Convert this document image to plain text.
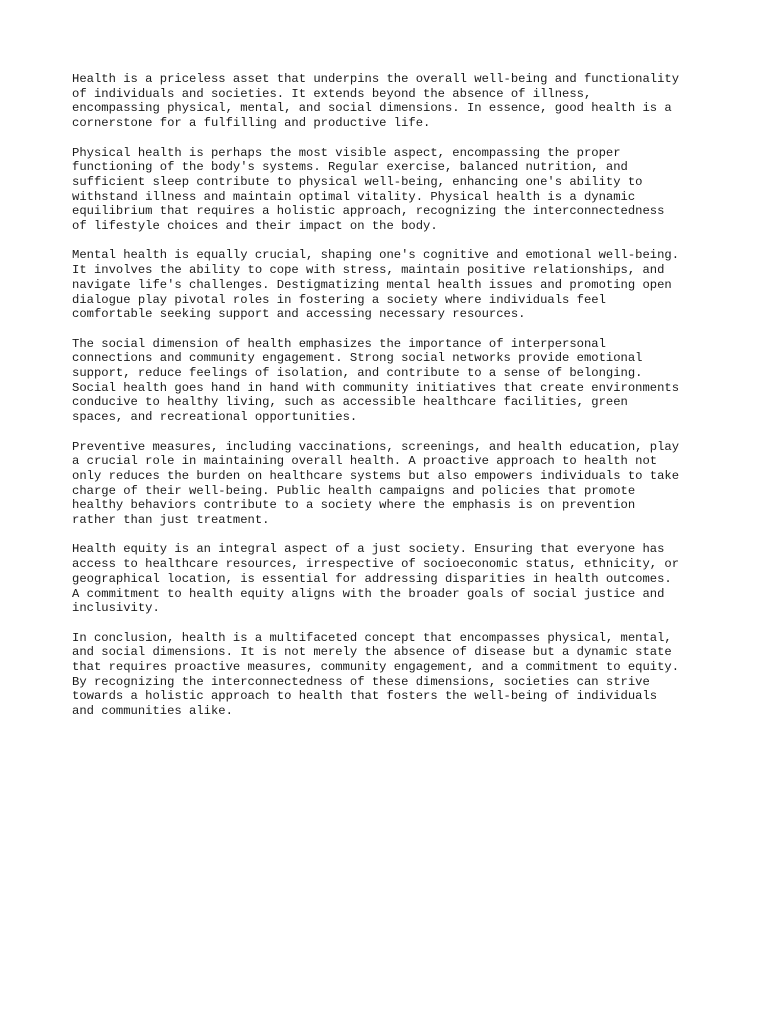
Health is a priceless asset that underpins the overall well-being and functionality
of individuals and societies. It extends beyond the absence of illness,
encompassing physical, mental, and social dimensions. In essence, good health is a
cornerstone for a fulfilling and productive life.

Physical health is perhaps the most visible aspect, encompassing the proper
functioning of the body's systems. Regular exercise, balanced nutrition, and
sufficient sleep contribute to physical well-being, enhancing one's ability to
withstand illness and maintain optimal vitality. Physical health is a dynamic
equilibrium that requires a holistic approach, recognizing the interconnectedness
of lifestyle choices and their impact on the body.

Mental health is equally crucial, shaping one's cognitive and emotional well-being.
It involves the ability to cope with stress, maintain positive relationships, and
navigate life's challenges. Destigmatizing mental health issues and promoting open
dialogue play pivotal roles in fostering a society where individuals feel
comfortable seeking support and accessing necessary resources.

The social dimension of health emphasizes the importance of interpersonal
connections and community engagement. Strong social networks provide emotional
support, reduce feelings of isolation, and contribute to a sense of belonging.
Social health goes hand in hand with community initiatives that create environments
conducive to healthy living, such as accessible healthcare facilities, green
spaces, and recreational opportunities.

Preventive measures, including vaccinations, screenings, and health education, play
a crucial role in maintaining overall health. A proactive approach to health not
only reduces the burden on healthcare systems but also empowers individuals to take
charge of their well-being. Public health campaigns and policies that promote
healthy behaviors contribute to a society where the emphasis is on prevention
rather than just treatment.

Health equity is an integral aspect of a just society. Ensuring that everyone has
access to healthcare resources, irrespective of socioeconomic status, ethnicity, or
geographical location, is essential for addressing disparities in health outcomes.
A commitment to health equity aligns with the broader goals of social justice and
inclusivity.

In conclusion, health is a multifaceted concept that encompasses physical, mental,
and social dimensions. It is not merely the absence of disease but a dynamic state
that requires proactive measures, community engagement, and a commitment to equity.
By recognizing the interconnectedness of these dimensions, societies can strive
towards a holistic approach to health that fosters the well-being of individuals
and communities alike.
